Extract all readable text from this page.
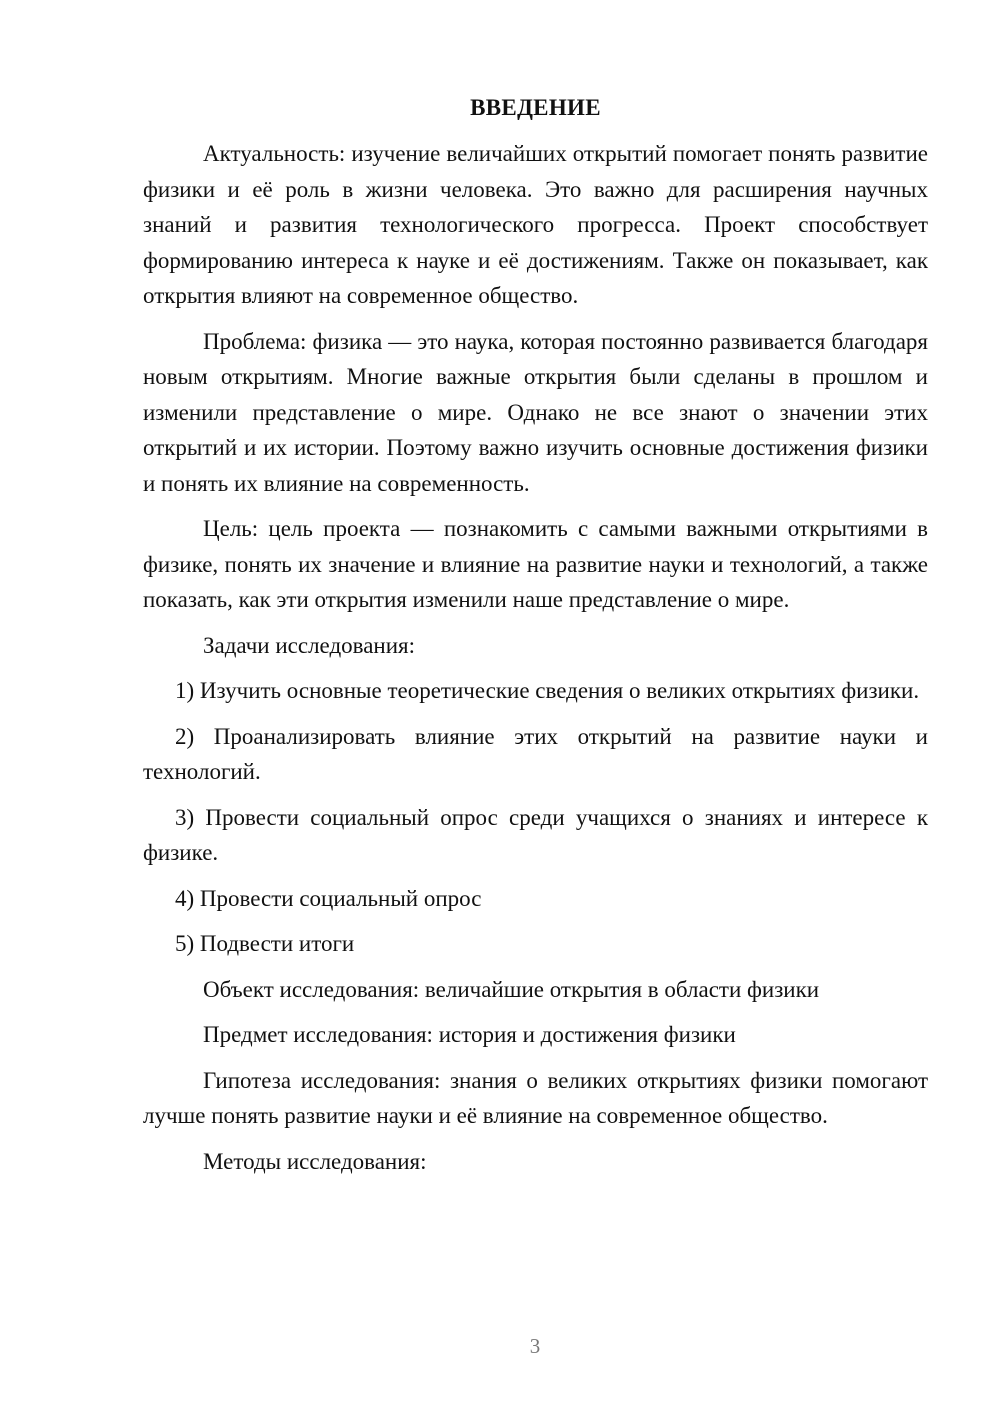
ВВЕДЕНИЕ

Актуальность: изучение величайших открытий помогает понять развитие физики и её роль в жизни человека. Это важно для расширения научных знаний и развития технологического прогресса. Проект способствует формированию интереса к науке и её достижениям. Также он показывает, как открытия влияют на современное общество.

Проблема: физика — это наука, которая постоянно развивается благодаря новым открытиям. Многие важные открытия были сделаны в прошлом и изменили представление о мире. Однако не все знают о значении этих открытий и их истории. Поэтому важно изучить основные достижения физики и понять их влияние на современность.

Цель: цель проекта — познакомить с самыми важными открытиями в физике, понять их значение и влияние на развитие науки и технологий, а также показать, как эти открытия изменили наше представление о мире.

Задачи исследования:

1) Изучить основные теоретические сведения о великих открытиях физики.

2) Проанализировать влияние этих открытий на развитие науки и технологий.

3) Провести социальный опрос среди учащихся о знаниях и интересе к физике.

4) Провести социальный опрос

5) Подвести итоги

Объект исследования: величайшие открытия в области физики

Предмет исследования: история и достижения физики

Гипотеза исследования: знания о великих открытиях физики помогают лучше понять развитие науки и её влияние на современное общество.

Методы исследования:

3
